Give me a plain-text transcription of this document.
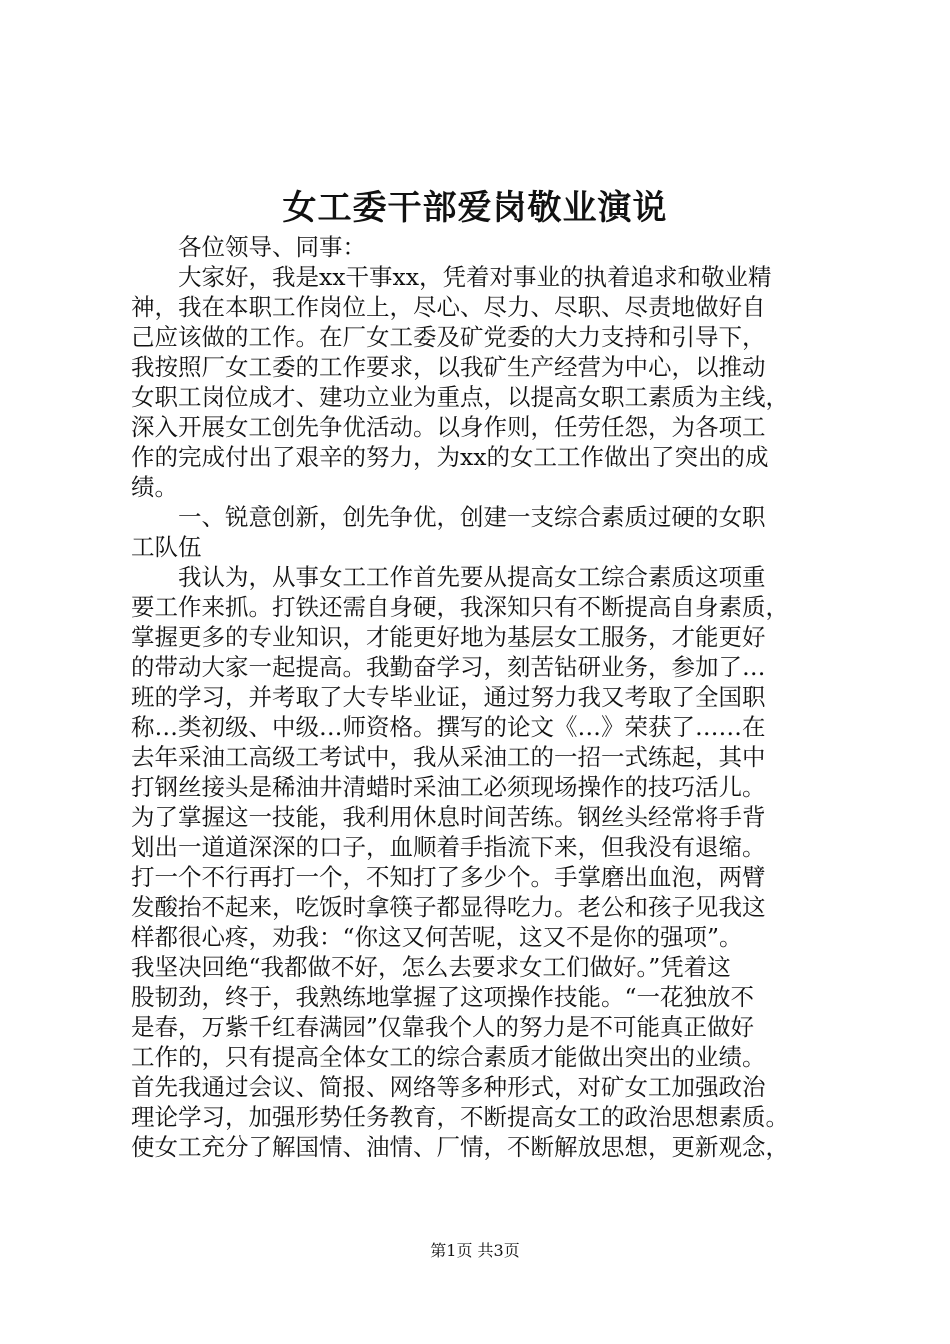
女工委干部爱岗敬业演说
各位领导、同事：
大家好，我是xx干事xx，凭着对事业的执着追求和敬业精
神，我在本职工作岗位上，尽心、尽力、尽职、尽责地做好自
己应该做的工作。在厂女工委及矿党委的大力支持和引导下，
我按照厂女工委的工作要求，以我矿生产经营为中心，以推动
女职工岗位成才、建功立业为重点，以提高女职工素质为主线，
深入开展女工创先争优活动。以身作则，任劳任怨，为各项工
作的完成付出了艰辛的努力，为xx的女工工作做出了突出的成
绩。
一、锐意创新，创先争优，创建一支综合素质过硬的女职
工队伍
我认为，从事女工工作首先要从提高女工综合素质这项重
要工作来抓。打铁还需自身硬，我深知只有不断提高自身素质，
掌握更多的专业知识，才能更好地为基层女工服务，才能更好
的带动大家一起提高。我勤奋学习，刻苦钻研业务，参加了…
班的学习，并考取了大专毕业证，通过努力我又考取了全国职
称…类初级、中级…师资格。撰写的论文《…》荣获了……在
去年采油工高级工考试中，我从采油工的一招一式练起，其中
打钢丝接头是稀油井清蜡时采油工必须现场操作的技巧活儿。
为了掌握这一技能，我利用休息时间苦练。钢丝头经常将手背
划出一道道深深的口子，血顺着手指流下来，但我没有退缩。
打一个不行再打一个，不知打了多少个。手掌磨出血泡，两臂
发酸抬不起来，吃饭时拿筷子都显得吃力。老公和孩子见我这
样都很心疼，劝我：“你这又何苦呢，这又不是你的强项”。
我坚决回绝“我都做不好，怎么去要求女工们做好。”凭着这
股韧劲，终于，我熟练地掌握了这项操作技能。“一花独放不
是春，万紫千红春满园”仅靠我个人的努力是不可能真正做好
工作的，只有提高全体女工的综合素质才能做出突出的业绩。
首先我通过会议、简报、网络等多种形式，对矿女工加强政治
理论学习，加强形势任务教育，不断提高女工的政治思想素质。
使女工充分了解国情、油情、厂情，不断解放思想，更新观念，
第1页 共3页
